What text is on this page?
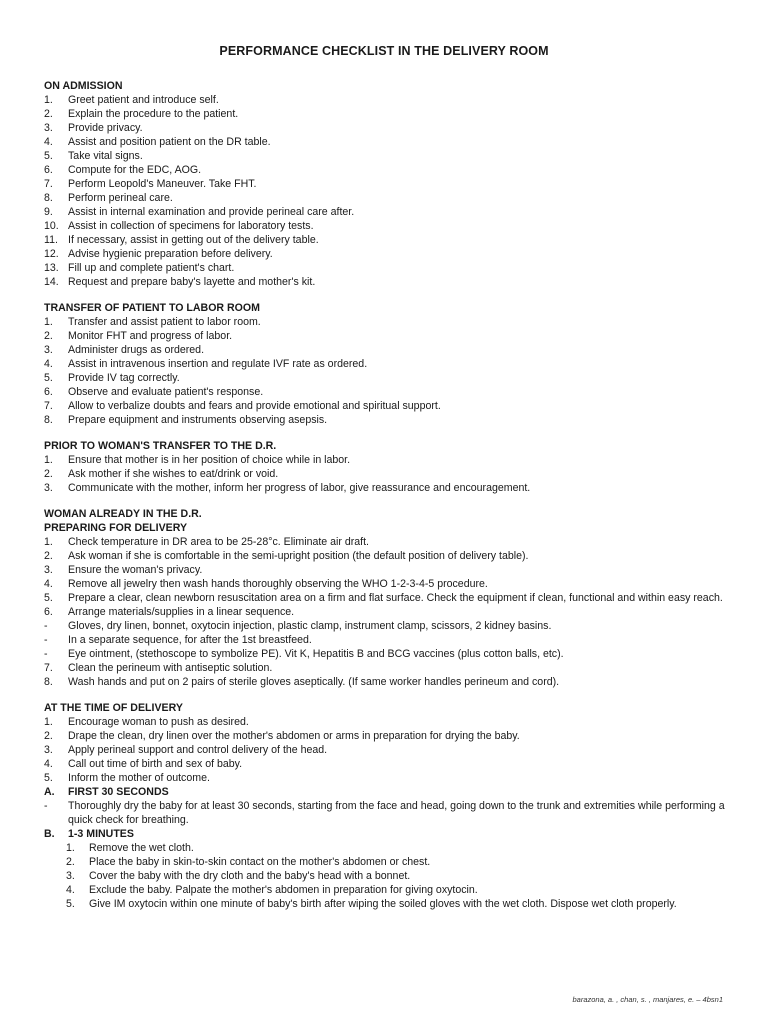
PERFORMANCE CHECKLIST IN THE DELIVERY ROOM
ON ADMISSION
1.	Greet patient and introduce self.
2.	Explain the procedure to the patient.
3.	Provide privacy.
4.	Assist and position patient on the DR table.
5.	Take vital signs.
6.	Compute for the EDC, AOG.
7.	Perform Leopold's Maneuver. Take FHT.
8.	Perform perineal care.
9.	Assist in internal examination and provide perineal care after.
10. Assist in collection of specimens for laboratory tests.
11. If necessary, assist in getting out of the delivery table.
12. Advise hygienic preparation before delivery.
13. Fill up and complete patient's chart.
14. Request and prepare baby's layette and mother's kit.
TRANSFER OF PATIENT TO LABOR ROOM
1.	Transfer and assist patient to labor room.
2.	Monitor FHT and progress of labor.
3.	Administer drugs as ordered.
4.	Assist in intravenous insertion and regulate IVF rate as ordered.
5.	Provide IV tag correctly.
6.	Observe and evaluate patient's response.
7.	Allow to verbalize doubts and fears and provide emotional and spiritual support.
8.	Prepare equipment and instruments observing asepsis.
PRIOR TO WOMAN'S TRANSFER TO THE D.R.
1.	Ensure that mother is in her position of choice while in labor.
2.	Ask mother if she wishes to eat/drink or void.
3.	Communicate with the mother, inform her progress of labor, give reassurance and encouragement.
WOMAN ALREADY IN THE D.R.
PREPARING FOR DELIVERY
1.	Check temperature in DR area to be 25-28°c. Eliminate air draft.
2.	Ask woman if she is comfortable in the semi-upright position (the default position of delivery table).
3.	Ensure the woman's privacy.
4.	Remove all jewelry then wash hands thoroughly observing the WHO 1-2-3-4-5 procedure.
5.	Prepare a clear, clean newborn resuscitation area on a firm and flat surface. Check the equipment if clean, functional and within easy reach.
6.	Arrange materials/supplies in a linear sequence.
-	Gloves, dry linen, bonnet, oxytocin injection, plastic clamp, instrument clamp, scissors, 2 kidney basins.
-	In a separate sequence, for after the 1st breastfeed.
-	Eye ointment, (stethoscope to symbolize PE). Vit K, Hepatitis B and BCG vaccines (plus cotton balls, etc).
7.	Clean the perineum with antiseptic solution.
8.	Wash hands and put on 2 pairs of sterile gloves aseptically. (If same worker handles perineum and cord).
AT THE TIME OF DELIVERY
1.	Encourage woman to push as desired.
2.	Drape the clean, dry linen over the mother's abdomen or arms in preparation for drying the baby.
3.	Apply perineal support and control delivery of the head.
4.	Call out time of birth and sex of baby.
5.	Inform the mother of outcome.
A.	FIRST 30 SECONDS
-	Thoroughly dry the baby for at least 30 seconds, starting from the face and head, going down to the trunk and extremities while performing a quick check for breathing.
B.	1-3 MINUTES
1.	Remove the wet cloth.
2.	Place the baby in skin-to-skin contact on the mother's abdomen or chest.
3.	Cover the baby with the dry cloth and the baby's head with a bonnet.
4.	Exclude the baby. Palpate the mother's abdomen in preparation for giving oxytocin.
5.	Give IM oxytocin within one minute of baby's birth after wiping the soiled gloves with the wet cloth. Dispose wet cloth properly.
barazona, a. , chan, s. , manjares, e. – 4bsn1
